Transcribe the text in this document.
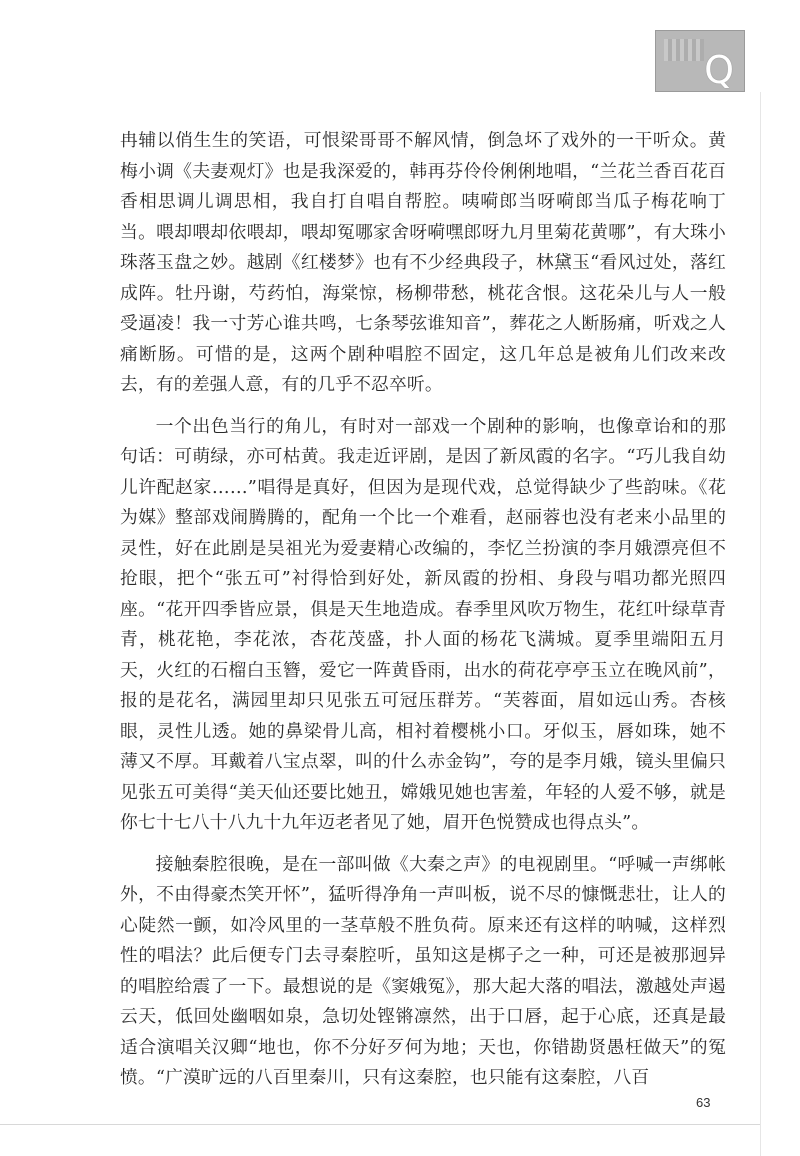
Q

冉辅以俏生生的笑语，可恨梁哥哥不解风情，倒急坏了戏外的一干听众。黄梅小调《夫妻观灯》也是我深爱的，韩再芬伶伶俐俐地唱，“兰花兰香百花百香相思调儿调思相，我自打自唱自帮腔。咦嗬郎当呀嗬郎当瓜子梅花响丁当。喂却喂却依喂却，喂却冤哪家舍呀嗬嘿郎呀九月里菊花黄哪”，有大珠小珠落玉盘之妙。越剧《红楼梦》也有不少经典段子，林黛玉“看风过处，落红成阵。牡丹谢，芍药怕，海棠惊，杨柳带愁，桃花含恨。这花朵儿与人一般受逼凌！我一寸芳心谁共鸣，七条琴弦谁知音”，葬花之人断肠痛，听戏之人痛断肠。可惜的是，这两个剧种唱腔不固定，这几年总是被角儿们改来改去，有的差强人意，有的几乎不忍卒听。

一个出色当行的角儿，有时对一部戏一个剧种的影响，也像章诒和的那句话：可萌绿，亦可枯黄。我走近评剧，是因了新凤霞的名字。“巧儿我自幼儿许配赵家……”唱得是真好，但因为是现代戏，总觉得缺少了些韵味。《花为媒》整部戏闹腾腾的，配角一个比一个难看，赵丽蓉也没有老来小品里的灵性，好在此剧是吴祖光为爱妻精心改编的，李忆兰扮演的李月娥漂亮但不抢眼，把个“张五可”衬得恰到好处，新凤霞的扮相、身段与唱功都光照四座。“花开四季皆应景，俱是天生地造成。春季里风吹万物生，花红叶绿草青青，桃花艳，李花浓，杏花茂盛，扑人面的杨花飞满城。夏季里端阳五月天，火红的石榴白玉簪，爱它一阵黄昏雨，出水的荷花亭亭玉立在晚风前”，报的是花名，满园里却只见张五可冠压群芳。“芙蓉面，眉如远山秀。杏核眼，灵性儿透。她的鼻梁骨儿高，相衬着樱桃小口。牙似玉，唇如珠，她不薄又不厚。耳戴着八宝点翠，叫的什么赤金钩”，夸的是李月娥，镜头里偏只见张五可美得“美天仙还要比她丑，嫦娥见她也害羞，年轻的人爱不够，就是你七十七八十八九十九年迈老者见了她，眉开色悦赞成也得点头”。

接触秦腔很晚，是在一部叫做《大秦之声》的电视剧里。“呼喊一声绑帐外，不由得豪杰笑开怀”，猛听得净角一声叫板，说不尽的慷慨悲壮，让人的心陡然一颤，如冷风里的一茎草般不胜负荷。原来还有这样的呐喊，这样烈性的唱法？此后便专门去寻秦腔听，虽知这是梆子之一种，可还是被那迥异的唱腔给震了一下。最想说的是《窦娥冤》，那大起大落的唱法，激越处声遏云天，低回处幽咽如泉，急切处铿锵凛然，出于口唇，起于心底，还真是最适合演唱关汉卿“地也，你不分好歹何为地；天也，你错勘贤愚枉做天”的冤愤。“广漠旷远的八百里秦川，只有这秦腔，也只能有这秦腔，八百

63
